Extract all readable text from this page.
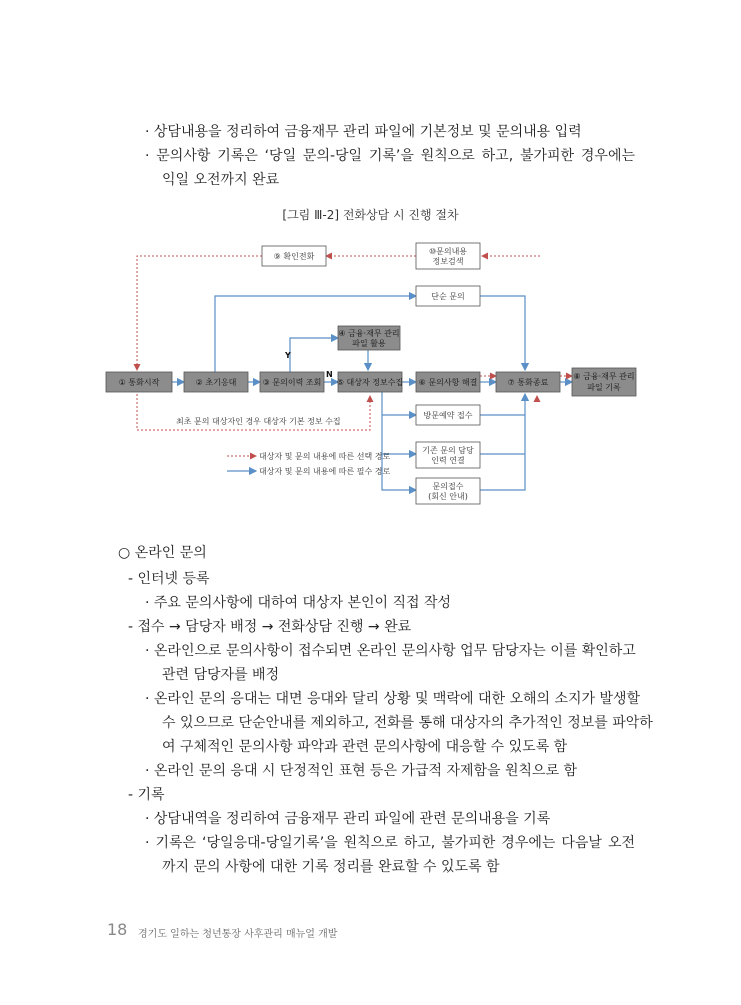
· 상담내용을 정리하여 금융재무 관리 파일에 기본정보 및 문의내용 입력
· 문의사항 기록은 ‘당일 문의-당일 기록’을 원칙으로 하고, 불가피한 경우에는
익일 오전까지 완료
[그림 Ⅲ-2] 전화상담 시 진행 절차
① 통화시작	② 초기응대	③ 문의이력 조회 ⑤ 대상자 정보수집 ⑥ 문의사항 해결	⑦ 통화종료
⑧ 금융·재무 관리
파일 기록
④ 금융·재무 관리
파일 활용
⑨ 확인전화
⑩문의내용
정보검색
단순 문의
방문예약 접수
기존 문의 담당
인력 연결
문의접수
(회신 안내)
Y
N
최초 문의 대상자인 경우 대상자 기본 정보 수집
대상자 및 문의 내용에 따른 선택 경로
대상자 및 문의 내용에 따른 필수 경로
○ 온라인 문의
- 인터넷 등록
· 주요 문의사항에 대하여 대상자 본인이 직접 작성
- 접수 → 담당자 배정 → 전화상담 진행 → 완료
· 온라인으로 문의사항이 접수되면 온라인 문의사항 업무 담당자는 이를 확인하고
관련 담당자를 배정
· 온라인 문의 응대는 대면 응대와 달리 상황 및 맥락에 대한 오해의 소지가 발생할
수 있으므로 단순안내를 제외하고, 전화를 통해 대상자의 추가적인 정보를 파악하
여 구체적인 문의사항 파악과 관련 문의사항에 대응할 수 있도록 함
· 온라인 문의 응대 시 단정적인 표현 등은 가급적 자제함을 원칙으로 함
- 기록
· 상담내역을 정리하여 금융재무 관리 파일에 관련 문의내용을 기록
· 기록은 ‘당일응대-당일기록’을 원칙으로 하고, 불가피한 경우에는 다음날 오전
까지 문의 사항에 대한 기록 정리를 완료할 수 있도록 함
18 경기도 일하는 청년통장 사후관리 매뉴얼 개발
